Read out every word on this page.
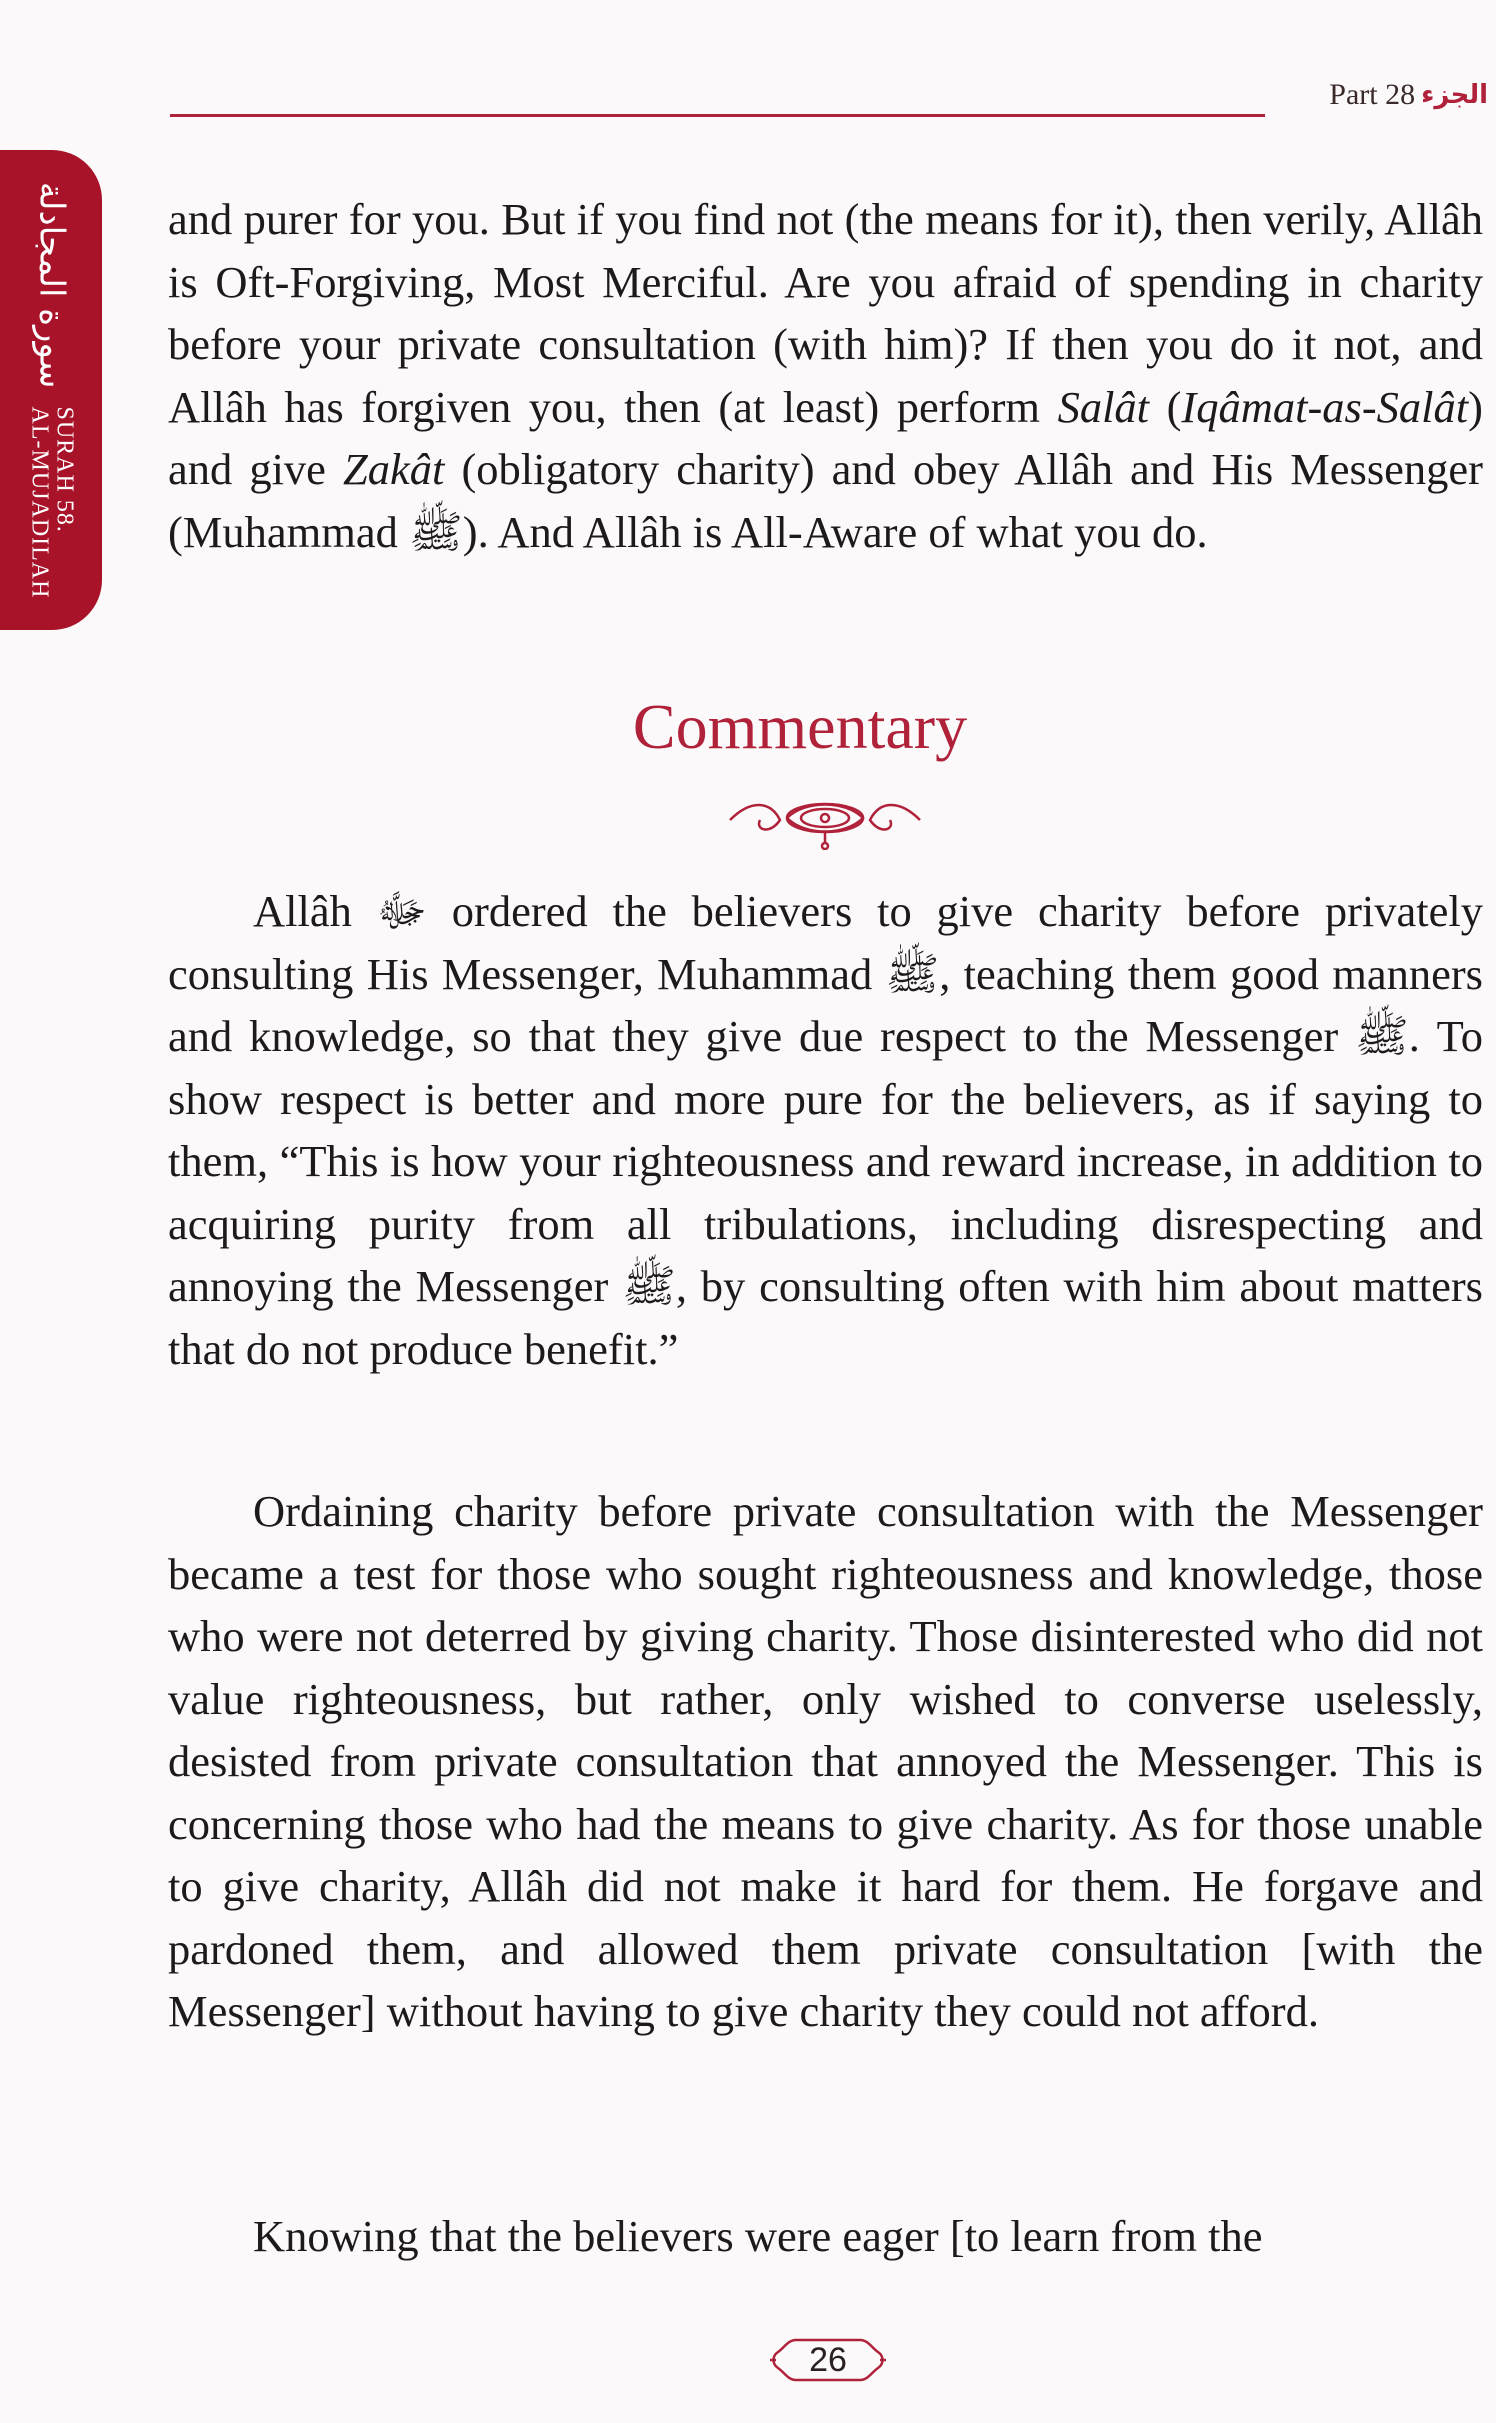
Part 28 الجزء
سورة المجادلة
SURAH 58.
AL-MUJADILAH

and purer for you. But if you find not (the means for it), then verily, Allâh is Oft-Forgiving, Most Merciful. Are you afraid of spending in charity before your private consultation (with him)? If then you do it not, and Allâh has forgiven you, then (at least) perform Salât (Iqâmat-as-Salât) and give Zakât (obligatory charity) and obey Allâh and His Messenger (Muhammad ﷺ). And Allâh is All-Aware of what you do.

Commentary

Allâh ﷻ ordered the believers to give charity before privately consulting His Messenger, Muhammad ﷺ, teaching them good manners and knowledge, so that they give due respect to the Messenger ﷺ. To show respect is better and more pure for the believers, as if saying to them, “This is how your righteousness and reward increase, in addition to acquiring purity from all tribulations, including disrespecting and annoying the Messenger ﷺ, by consulting often with him about matters that do not produce benefit.”

Ordaining charity before private consultation with the Messenger became a test for those who sought righteousness and knowledge, those who were not deterred by giving charity. Those disinterested who did not value righteousness, but rather, only wished to converse uselessly, desisted from private consultation that annoyed the Messenger. This is concerning those who had the means to give charity. As for those unable to give charity, Allâh did not make it hard for them. He forgave and pardoned them, and allowed them private consultation [with the Messenger] without having to give charity they could not afford.

Knowing that the believers were eager [to learn from the

26
